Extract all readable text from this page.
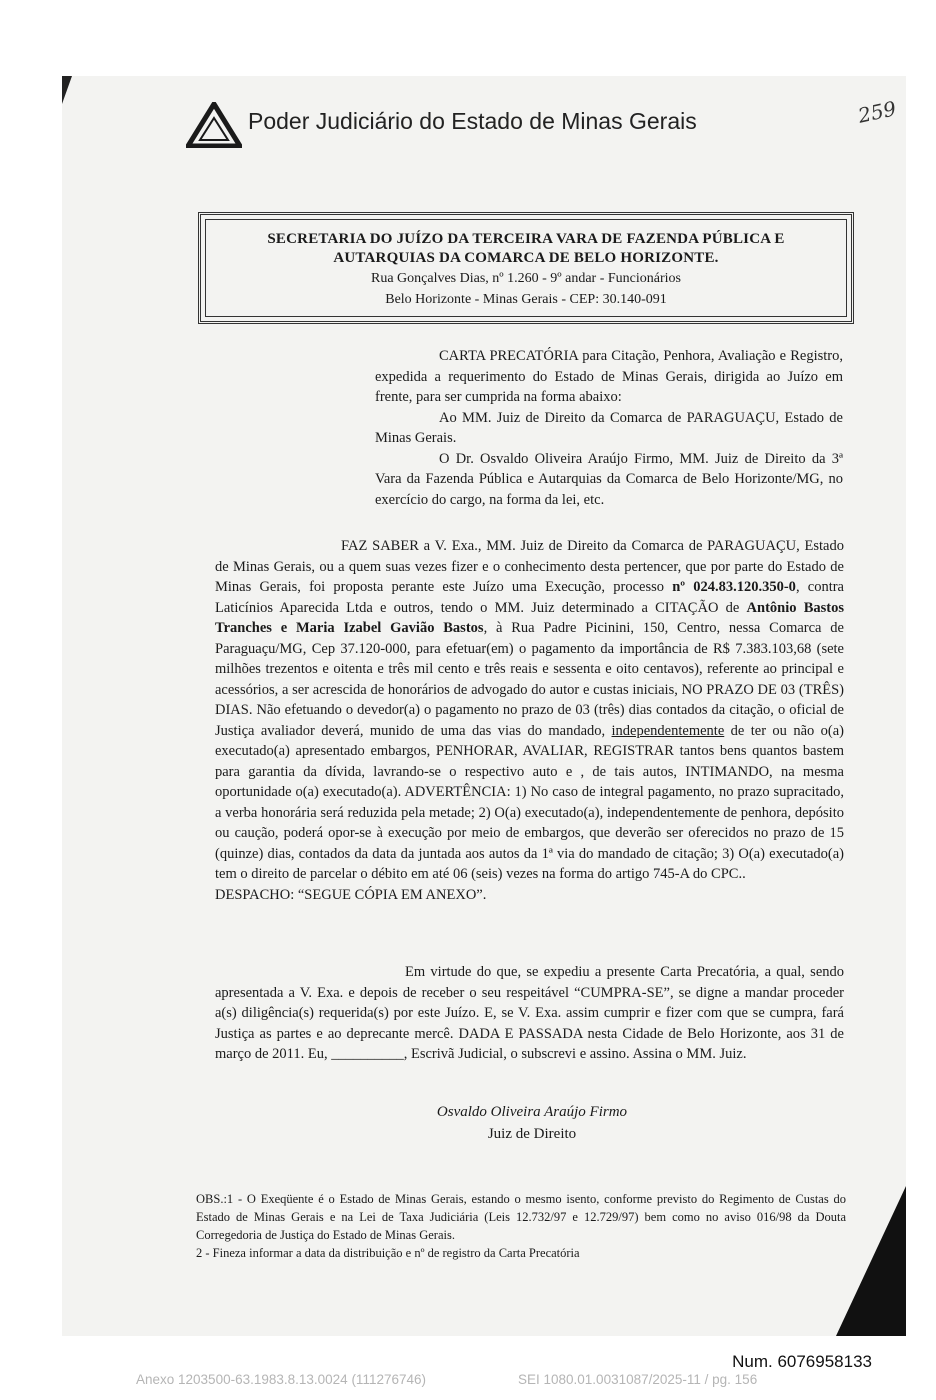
Poder Judiciário do Estado de Minas Gerais	259
SECRETARIA DO JUÍZO DA TERCEIRA VARA DE FAZENDA PÚBLICA E
AUTARQUIAS DA COMARCA DE BELO HORIZONTE.
Rua Gonçalves Dias, nº 1.260 - 9º andar - Funcionários
Belo Horizonte - Minas Gerais - CEP: 30.140-091
CARTA PRECATÓRIA para Citação, Penhora, Avaliação e Registro, expedida a requerimento do Estado de Minas Gerais, dirigida ao Juízo em frente, para ser cumprida na forma abaixo:
Ao MM. Juiz de Direito da Comarca de PARAGUAÇU, Estado de Minas Gerais.
O Dr. Osvaldo Oliveira Araújo Firmo, MM. Juiz de Direito da 3ª Vara da Fazenda Pública e Autarquias da Comarca de Belo Horizonte/MG, no exercício do cargo, na forma da lei, etc.
FAZ SABER a V. Exa., MM. Juiz de Direito da Comarca de PARAGUAÇU, Estado de Minas Gerais, ou a quem suas vezes fizer e o conhecimento desta pertencer, que por parte do Estado de Minas Gerais, foi proposta perante este Juízo uma Execução, processo nº 024.83.120.350-0, contra Laticínios Aparecida Ltda e outros, tendo o MM. Juiz determinado a CITAÇÃO de Antônio Bastos Tranches e Maria Izabel Gavião Bastos, à Rua Padre Picinini, 150, Centro, nessa Comarca de Paraguaçu/MG, Cep 37.120-000, para efetuar(em) o pagamento da importância de R$ 7.383.103,68 (sete milhões trezentos e oitenta e três mil cento e três reais e sessenta e oito centavos), referente ao principal e acessórios, a ser acrescida de honorários de advogado do autor e custas iniciais, NO PRAZO DE 03 (TRÊS) DIAS. Não efetuando o devedor(a) o pagamento no prazo de 03 (três) dias contados da citação, o oficial de Justiça avaliador deverá, munido de uma das vias do mandado, independentemente de ter ou não o(a) executado(a) apresentado embargos, PENHORAR, AVALIAR, REGISTRAR tantos bens quantos bastem para garantia da dívida, lavrando-se o respectivo auto e , de tais autos, INTIMANDO, na mesma oportunidade o(a) executado(a). ADVERTÊNCIA: 1) No caso de integral pagamento, no prazo supracitado, a verba honorária será reduzida pela metade; 2) O(a) executado(a), independentemente de penhora, depósito ou caução, poderá opor-se à execução por meio de embargos, que deverão ser oferecidos no prazo de 15 (quinze) dias, contados da data da juntada aos autos da 1ª via do mandado de citação; 3) O(a) executado(a) tem o direito de parcelar o débito em até 06 (seis) vezes na forma do artigo 745-A do CPC..
DESPACHO: “SEGUE CÓPIA EM ANEXO”.
Em virtude do que, se expediu a presente Carta Precatória, a qual, sendo apresentada a V. Exa. e depois de receber o seu respeitável “CUMPRA-SE”, se digne a mandar proceder a(s) diligência(s) requerida(s) por este Juízo. E, se V. Exa. assim cumprir e fizer com que se cumpra, fará Justiça as partes e ao deprecante mercê. DADA E PASSADA nesta Cidade de Belo Horizonte, aos 31 de março de 2011. Eu, __________, Escrivã Judicial, o subscrevi e assino. Assina o MM. Juiz.
Osvaldo Oliveira Araújo Firmo
Juiz de Direito
OBS.:1 - O Exeqüente é o Estado de Minas Gerais, estando o mesmo isento, conforme previsto do Regimento de Custas do Estado de Minas Gerais e na Lei de Taxa Judiciária (Leis 12.732/97 e 12.729/97) bem como no aviso 016/98 da Douta Corregedoria de Justiça do Estado de Minas Gerais.
2 - Fineza informar a data da distribuição e nº de registro da Carta Precatória
Num. 6076958133
Anexo 1203500-63.1983.8.13.0024 (111276746)	SEI 1080.01.0031087/2025-11 / pg. 156
